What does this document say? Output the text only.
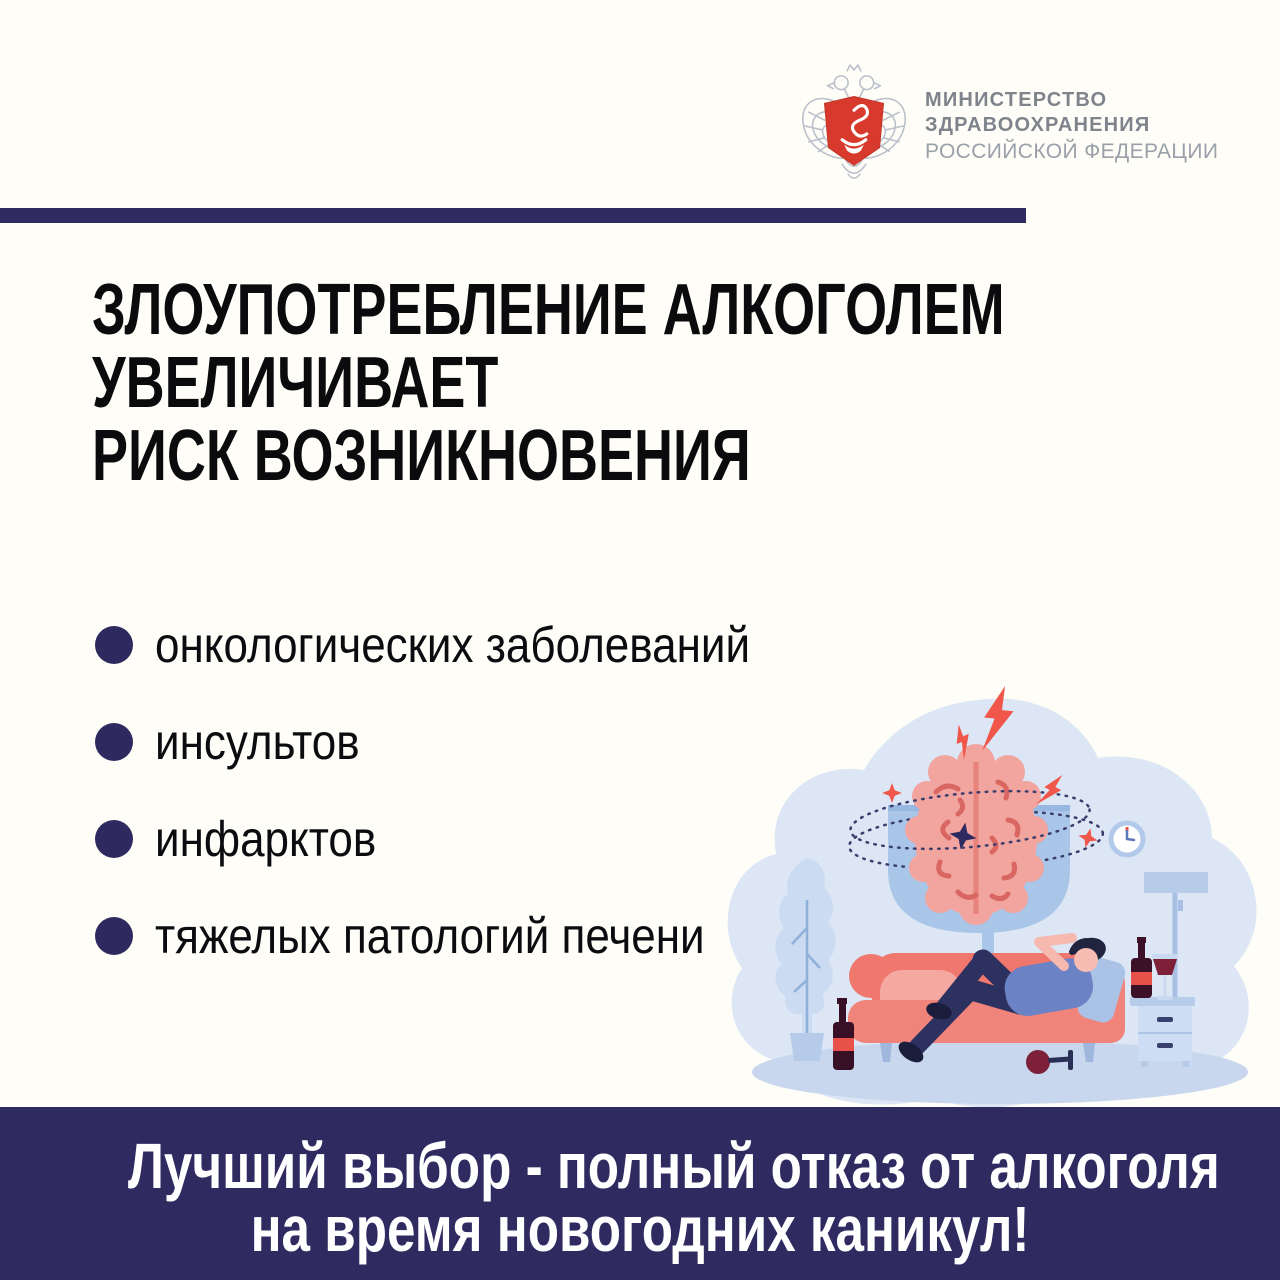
МИНИСТЕРСТВО
ЗДРАВООХРАНЕНИЯ
РОССИЙСКОЙ ФЕДЕРАЦИИ
ЗЛОУПОТРЕБЛЕНИЕ АЛКОГОЛЕМ
УВЕЛИЧИВАЕТ
РИСК ВОЗНИКНОВЕНИЯ
онкологических заболеваний
инсультов
инфарктов
тяжелых патологий печени
Лучший выбор - полный отказ от алкоголя
на время новогодних каникул!
